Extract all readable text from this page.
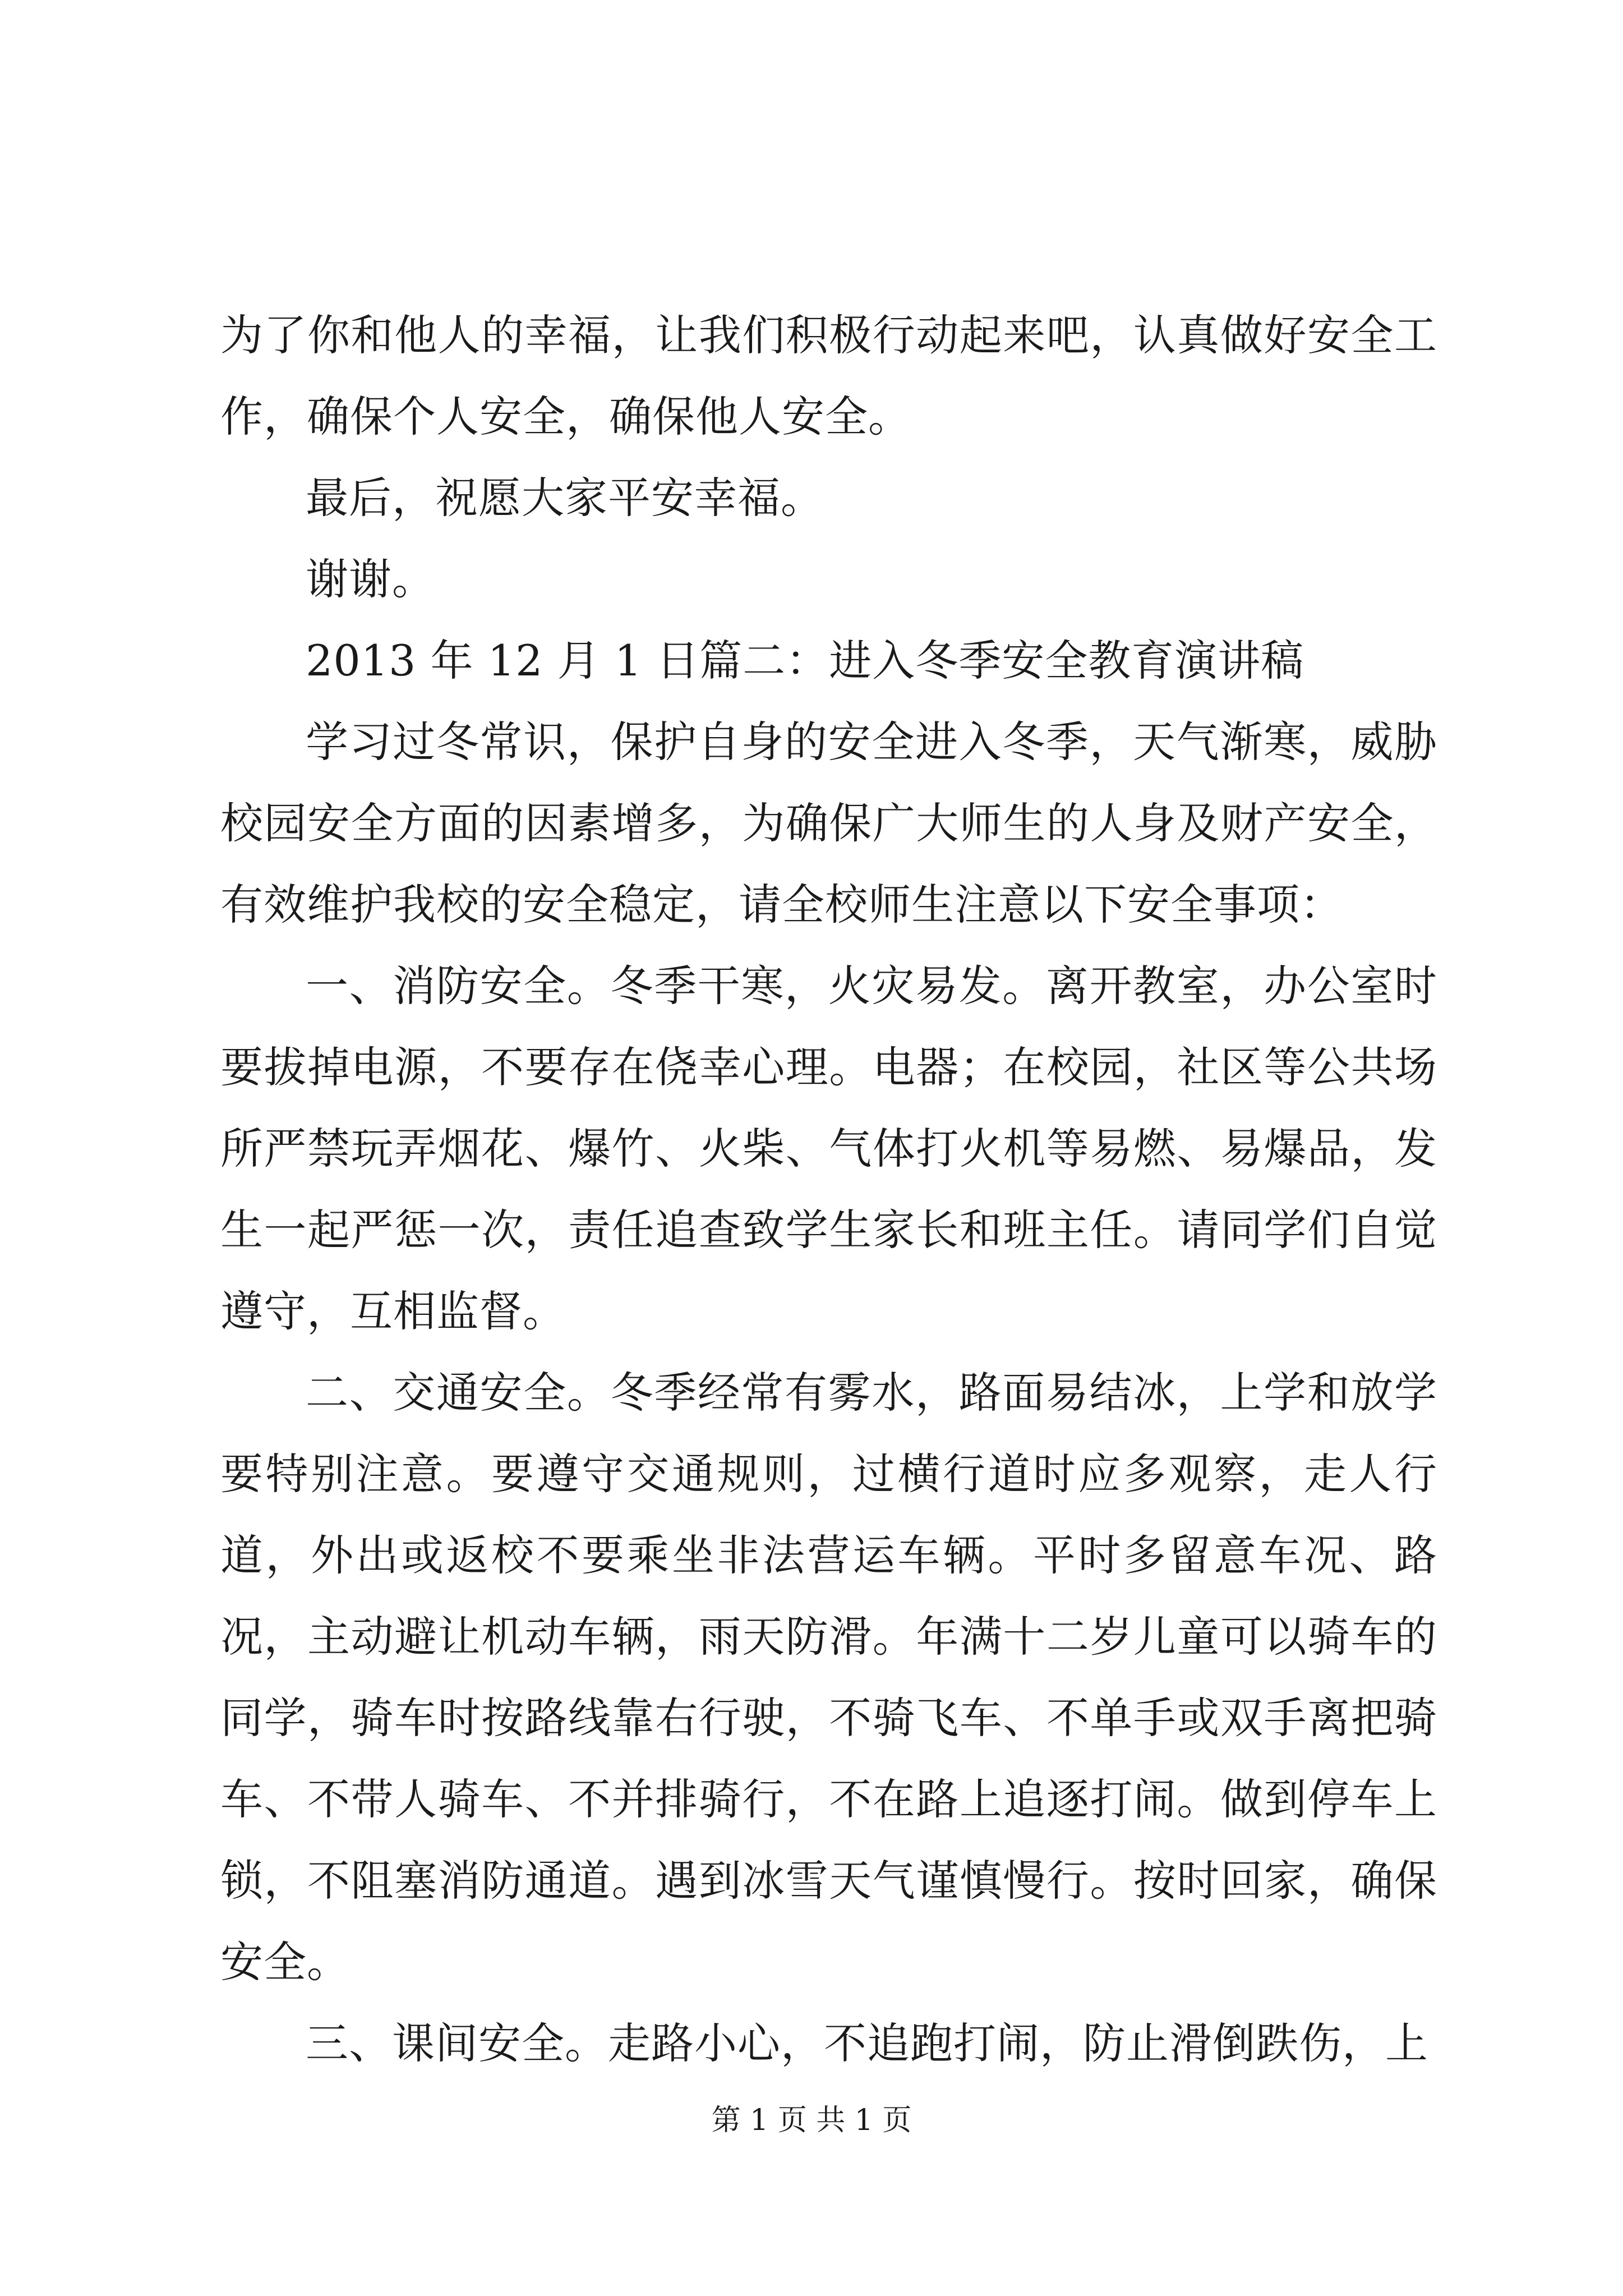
为了你和他人的幸福，让我们积极行动起来吧，认真做好安全工作，确保个人安全，确保他人安全。

最后，祝愿大家平安幸福。

谢谢。

2013 年 12 月 1 日篇二：进入冬季安全教育演讲稿

学习过冬常识，保护自身的安全进入冬季，天气渐寒，威胁校园安全方面的因素增多，为确保广大师生的人身及财产安全，有效维护我校的安全稳定，请全校师生注意以下安全事项：

一、消防安全。冬季干寒，火灾易发。离开教室，办公室时要拔掉电源，不要存在侥幸心理。电器；在校园，社区等公共场所严禁玩弄烟花、爆竹、火柴、气体打火机等易燃、易爆品，发生一起严惩一次，责任追查致学生家长和班主任。请同学们自觉遵守，互相监督。

二、交通安全。冬季经常有雾水，路面易结冰，上学和放学要特别注意。要遵守交通规则，过横行道时应多观察，走人行道，外出或返校不要乘坐非法营运车辆。平时多留意车况、路况，主动避让机动车辆，雨天防滑。年满十二岁儿童可以骑车的同学，骑车时按路线靠右行驶，不骑飞车、不单手或双手离把骑车、不带人骑车、不并排骑行，不在路上追逐打闹。做到停车上锁，不阻塞消防通道。遇到冰雪天气谨慎慢行。按时回家，确保安全。

三、课间安全。走路小心，不追跑打闹，防止滑倒跌伤，上

第 1 页 共 1 页
